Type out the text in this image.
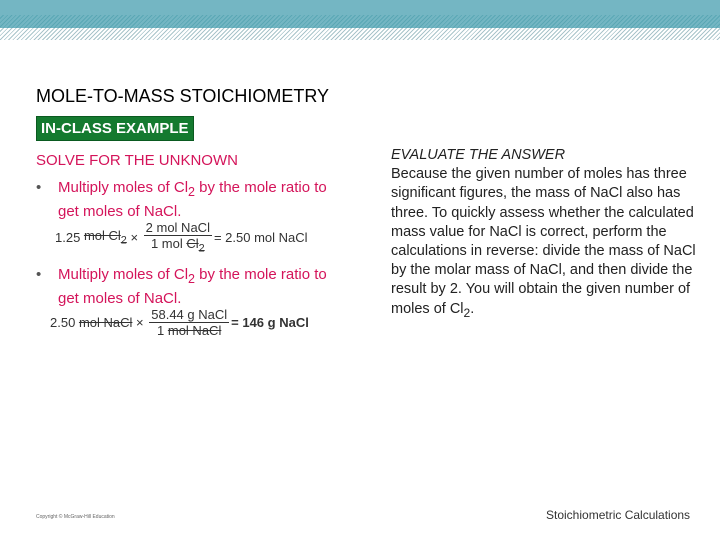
MOLE-TO-MASS STOICHIOMETRY
IN-CLASS EXAMPLE
SOLVE FOR THE UNKNOWN
• Multiply moles of $Cl_2$ by the mole ratio to get moles of NaCl.
1.25
mol $Cl_2$
×
$\frac{\text{2 mol NaCl}}{1 mol Cl_2} = 2.50$ mol NaCl
• Multiply moles of $Cl_2$ by the mole ratio to get moles of NaCl.
2.50
mol NaCl
×
$\frac{\text{58.44 g NaCl}}{\text{1 mol NaCl}} = 146$ g NaCl
EVALUATE THE ANSWER
Because the given number of moles has three significant figures, the mass of NaCl also has three. To quickly assess whether the calculated mass value for NaCl is correct, perform the calculations in reverse: divide the mass of NaCl by the molar mass of NaCl, and then divide the result by 2. You will obtain the given number of moles of $Cl_2$.
Copyright © McGraw-Hill Education	Stoichiometric Calculations
